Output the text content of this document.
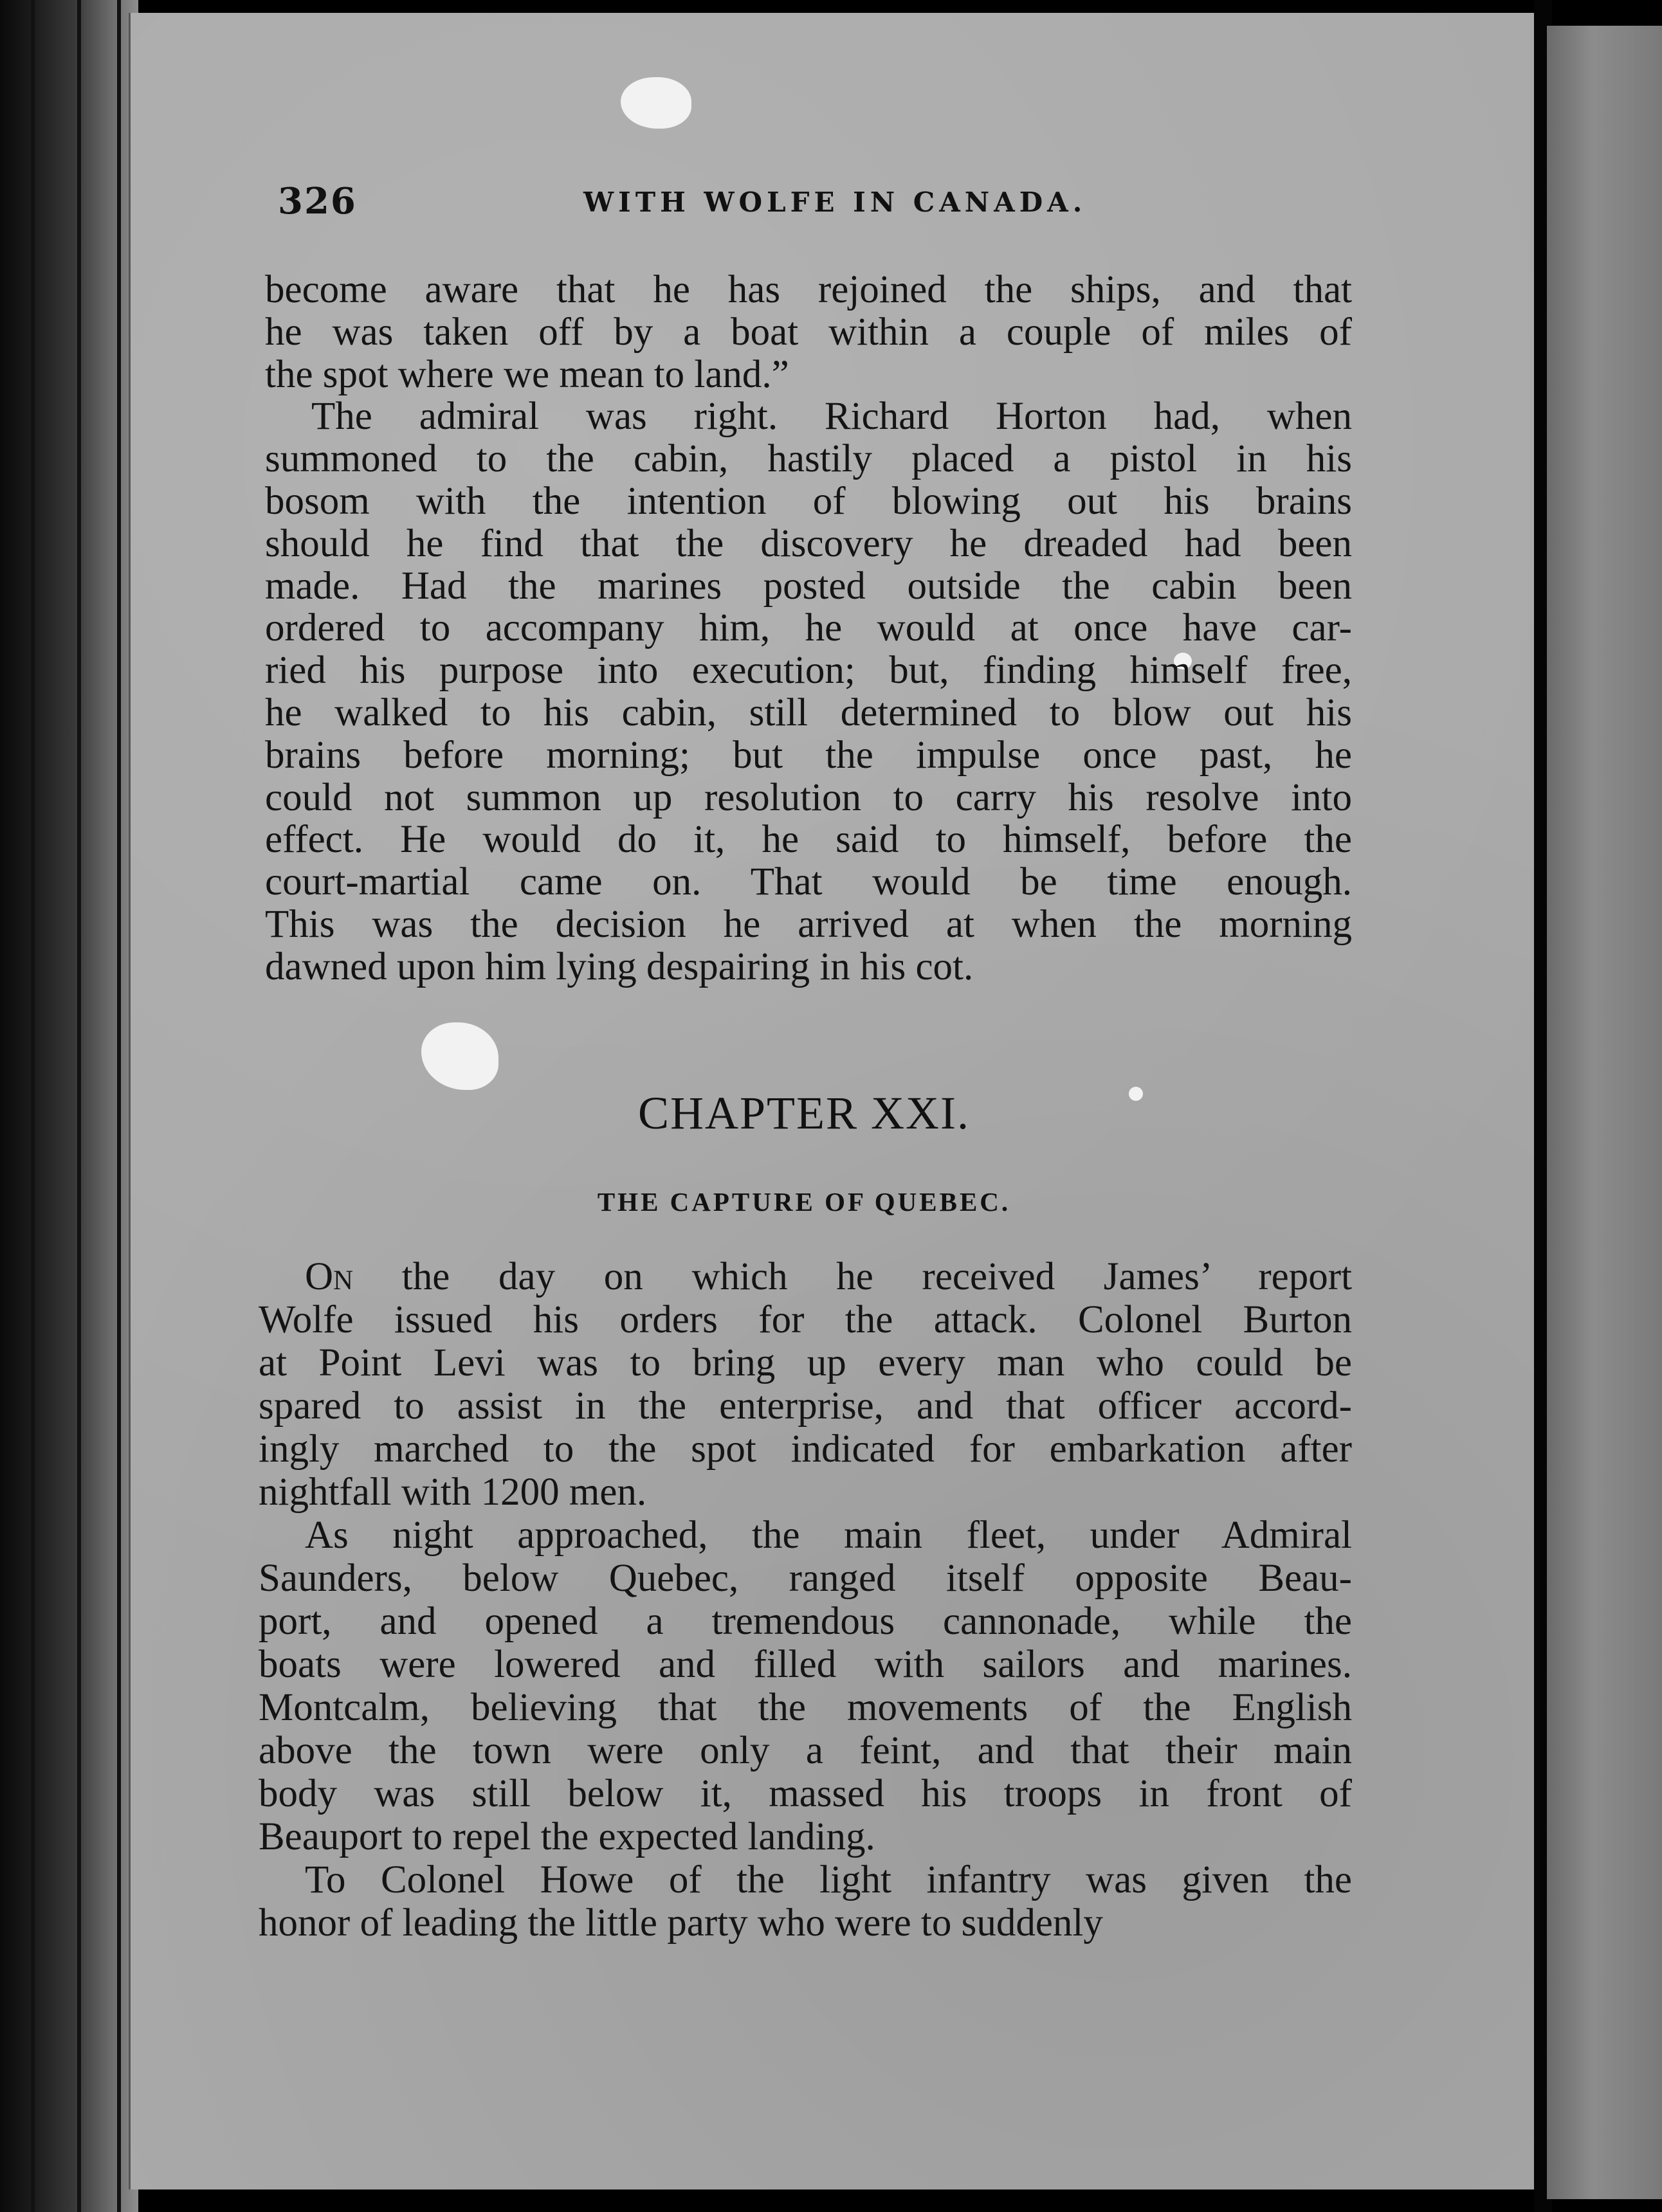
326	WITH WOLFE IN CANADA.
become aware that he has rejoined the ships, and that
he was taken off by a boat within a couple of miles of
the spot where we mean to land.”
The admiral was right. Richard Horton had, when
summoned to the cabin, hastily placed a pistol in his
bosom with the intention of blowing out his brains
should he find that the discovery he dreaded had been
made. Had the marines posted outside the cabin been
ordered to accompany him, he would at once have car-
ried his purpose into execution; but, finding himself free,
he walked to his cabin, still determined to blow out his
brains before morning; but the impulse once past, he
could not summon up resolution to carry his resolve into
effect. He would do it, he said to himself, before the
court-martial came on. That would be time enough.
This was the decision he arrived at when the morning
dawned upon him lying despairing in his cot.
CHAPTER XXI.
THE CAPTURE OF QUEBEC.
On the day on which he received James’ report
Wolfe issued his orders for the attack. Colonel Burton
at Point Levi was to bring up every man who could be
spared to assist in the enterprise, and that officer accord-
ingly marched to the spot indicated for embarkation after
nightfall with 1200 men.
As night approached, the main fleet, under Admiral
Saunders, below Quebec, ranged itself opposite Beau-
port, and opened a tremendous cannonade, while the
boats were lowered and filled with sailors and marines.
Montcalm, believing that the movements of the English
above the town were only a feint, and that their main
body was still below it, massed his troops in front of
Beauport to repel the expected landing.
To Colonel Howe of the light infantry was given the
honor of leading the little party who were to suddenly
